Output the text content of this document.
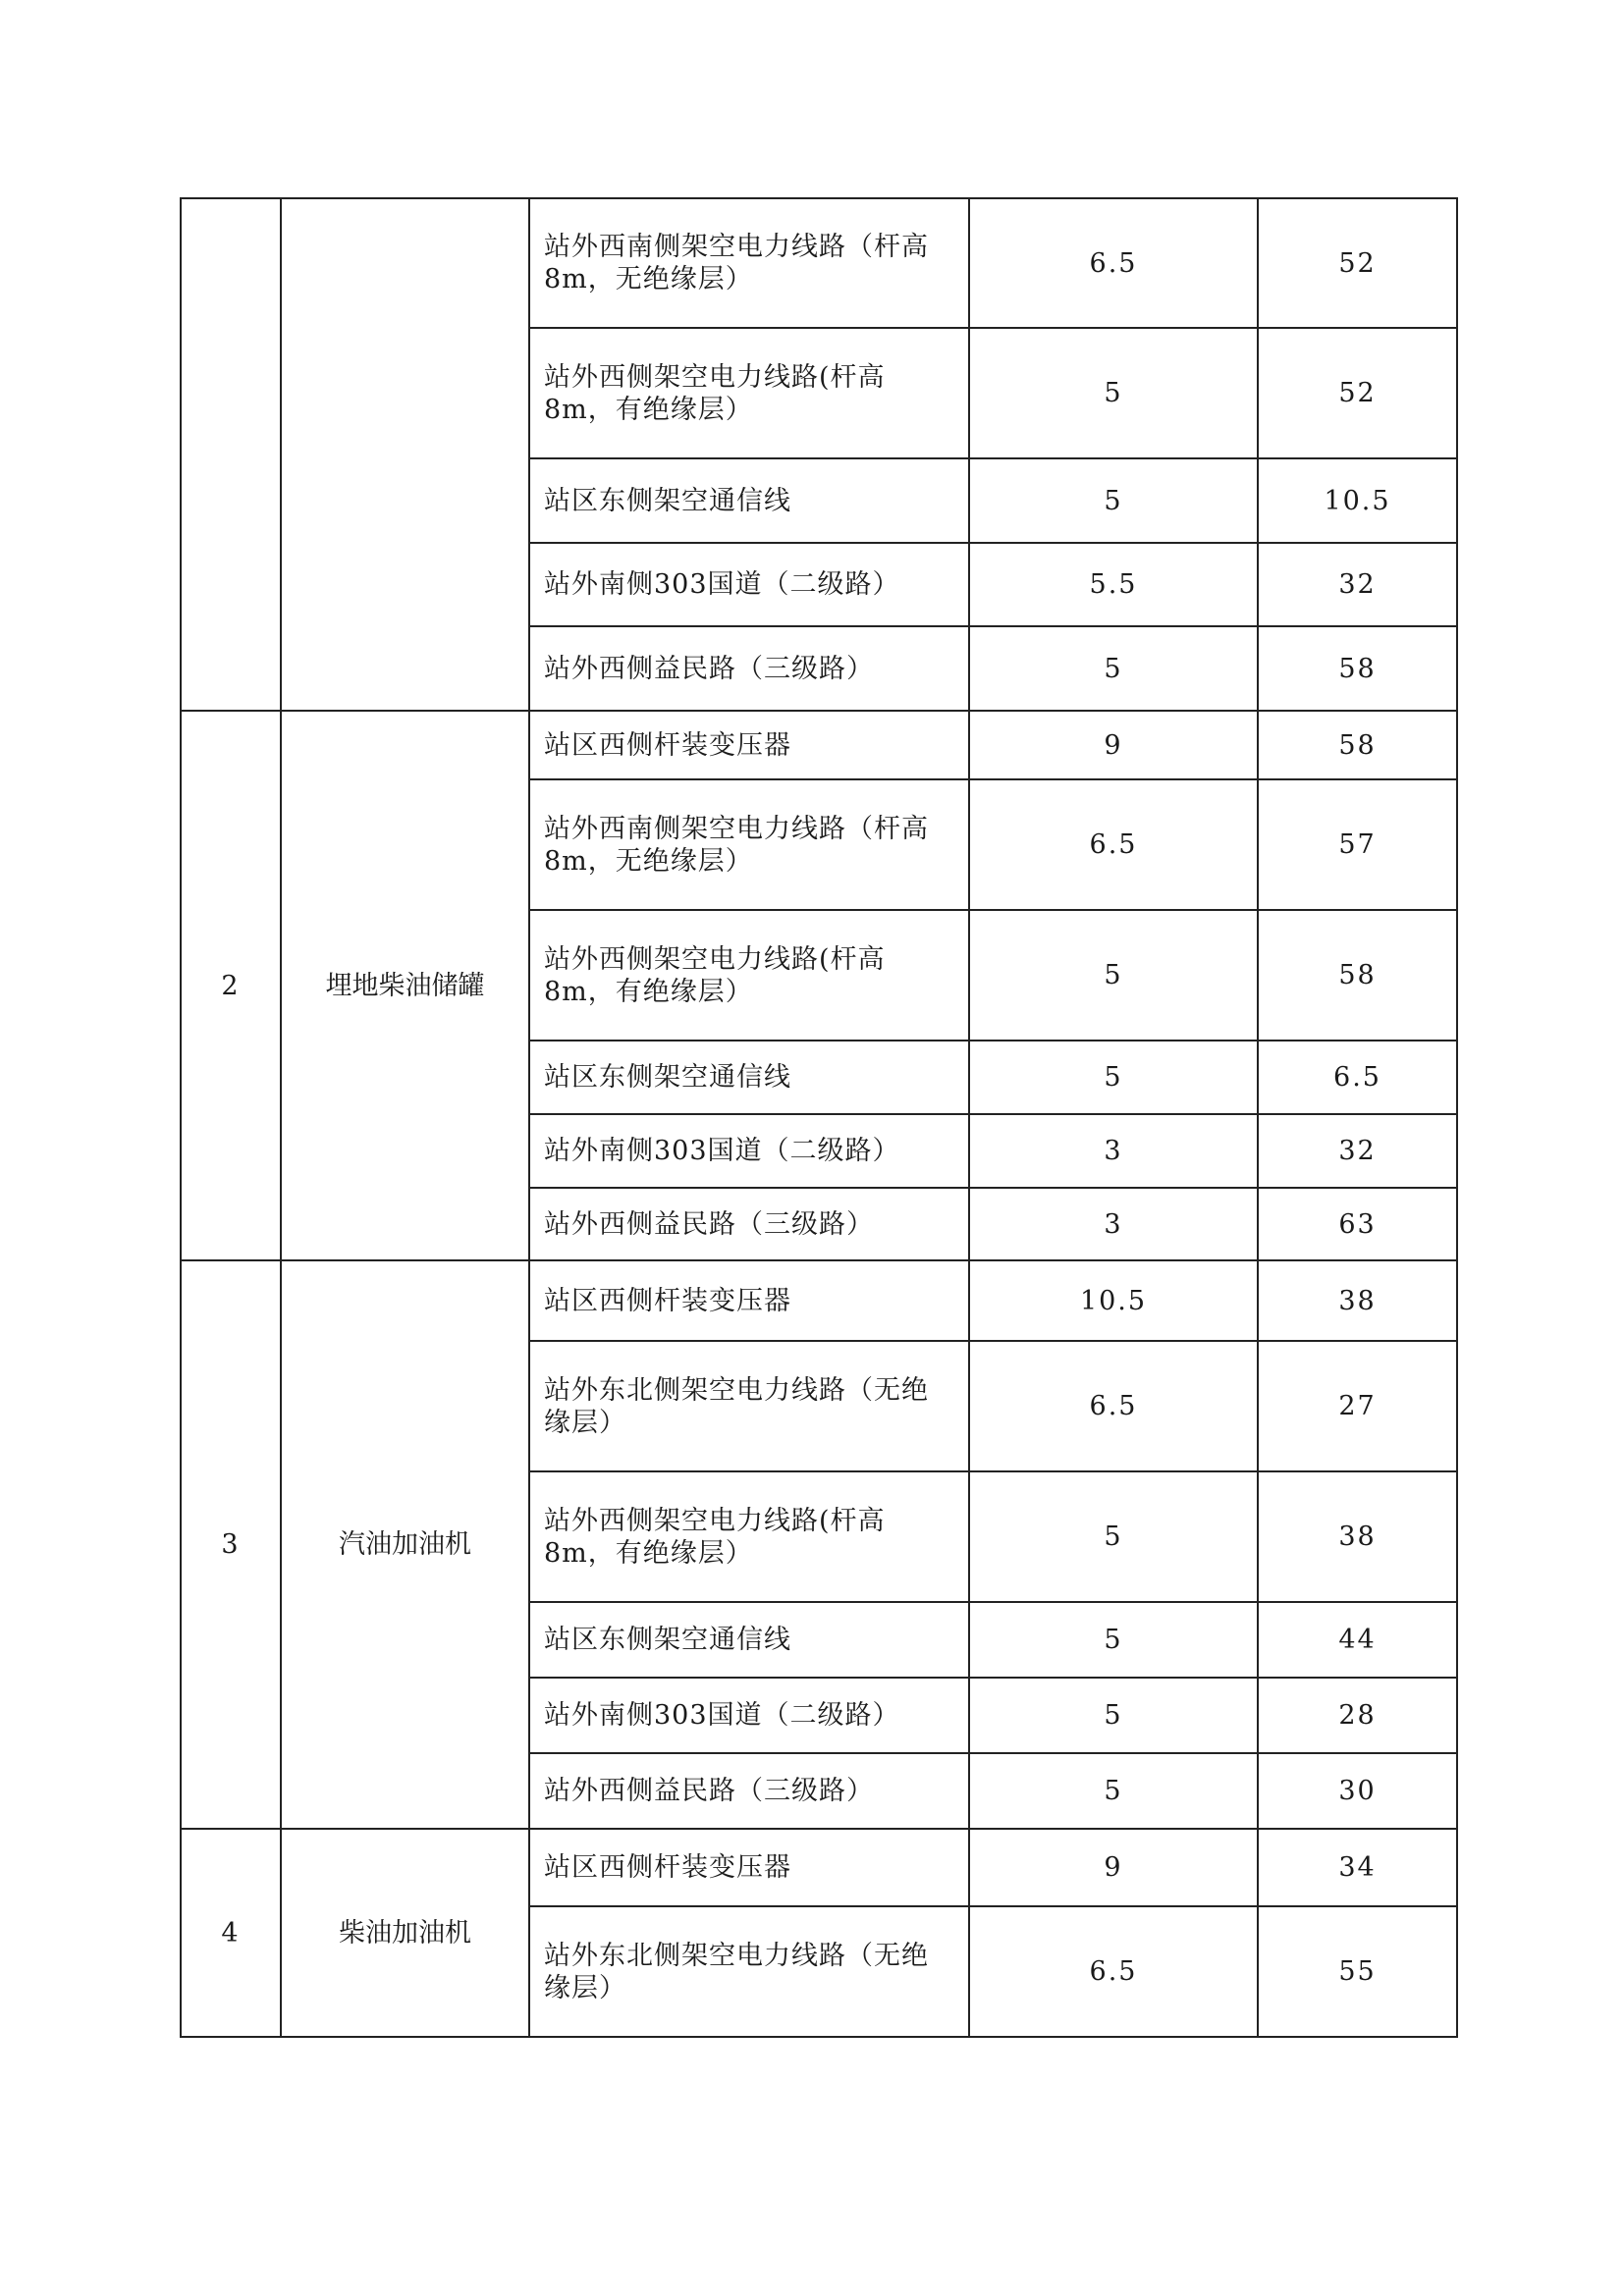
		站外西南侧架空电力线路（杆高8m，无绝缘层）	6.5	52
		站外西侧架空电力线路(杆高8m，有绝缘层）	5	52
		站区东侧架空通信线	5	10.5
		站外南侧303国道（二级路）	5.5	32
		站外西侧益民路（三级路）	5	58
2	埋地柴油储罐	站区西侧杆装变压器	9	58
		站外西南侧架空电力线路（杆高8m，无绝缘层）	6.5	57
		站外西侧架空电力线路(杆高8m，有绝缘层）	5	58
		站区东侧架空通信线	5	6.5
		站外南侧303国道（二级路）	3	32
		站外西侧益民路（三级路）	3	63
3	汽油加油机	站区西侧杆装变压器	10.5	38
		站外东北侧架空电力线路（无绝缘层）	6.5	27
		站外西侧架空电力线路(杆高8m，有绝缘层）	5	38
		站区东侧架空通信线	5	44
		站外南侧303国道（二级路）	5	28
		站外西侧益民路（三级路）	5	30
4	柴油加油机	站区西侧杆装变压器	9	34
		站外东北侧架空电力线路（无绝缘层）	6.5	55
